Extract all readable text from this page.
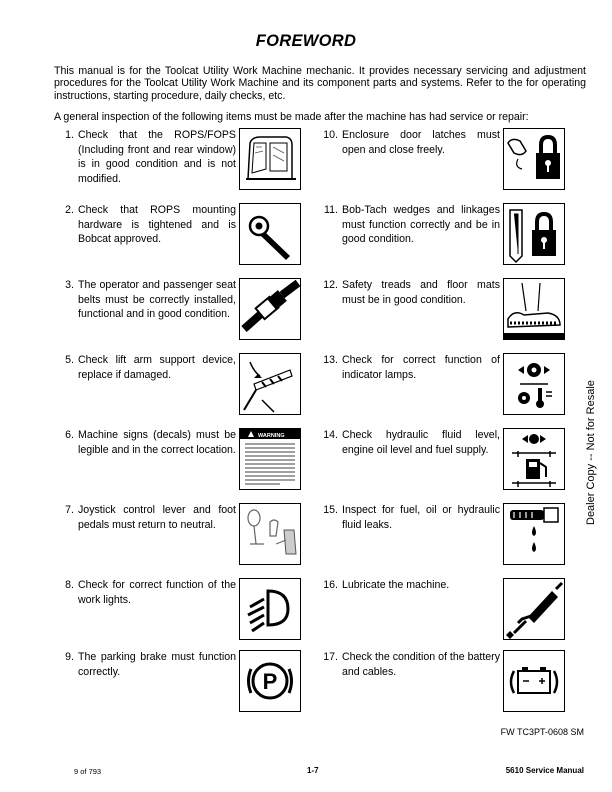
FOREWORD

This manual is for the Toolcat Utility Work Machine mechanic. It provides necessary servicing and adjustment procedures for the Toolcat Utility Work Machine and its component parts and systems. Refer to the for operating instructions, starting procedure, daily checks, etc.

A general inspection of the following items must be made after the machine has had service or repair:

1. Check that the ROPS/FOPS (Including front and rear window) is in good condition and is not modified.
2. Check that ROPS mounting hardware is tightened and is Bobcat approved.
3. The operator and passenger seat belts must be correctly installed, functional and in good condition.
5. Check lift arm support device, replace if damaged.
6. Machine signs (decals) must be legible and in the correct location.
WARNING
7. Joystick control lever and foot pedals must return to neutral.
8. Check for correct function of the work lights.
9. The parking brake must function correctly.	P
10. Enclosure door latches must open and close freely.
11. Bob-Tach wedges and linkages must function correctly and be in good condition.
12. Safety treads and floor mats must be in good condition.
13. Check for correct function of indicator lamps.
14. Check hydraulic fluid level, engine oil level and fuel supply.
15. Inspect for fuel, oil or hydraulic fluid leaks.
16. Lubricate the machine.
17. Check the condition of the battery and cables.
Dealer Copy -- Not for Resale
FW TC3PT-0608 SM
9 of 793	1-7	5610 Service Manual
